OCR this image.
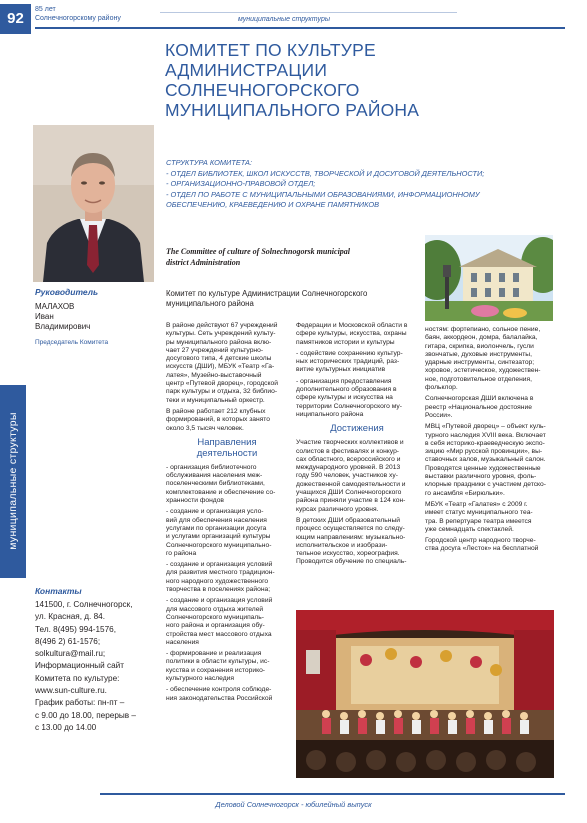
92
85 лет
Солнечногорскому району	муниципальные структуры
КОМИТЕТ ПО КУЛЬТУРЕ
АДМИНИСТРАЦИИ
СОЛНЕЧНОГОРСКОГО
МУНИЦИПАЛЬНОГО РАЙОНА
СТРУКТУРА КОМИТЕТА:
- ОТДЕЛ БИБЛИОТЕК, ШКОЛ ИСКУССТВ, ТВОРЧЕСКОЙ И ДОСУГОВОЙ ДЕЯТЕЛЬНОСТИ;
- ОРГАНИЗАЦИОННО-ПРАВОВОЙ ОТДЕЛ;
- ОТДЕЛ ПО РАБОТЕ С МУНИЦИПАЛЬНЫМИ ОБРАЗОВАНИЯМИ, ИНФОРМАЦИОННОМУ
ОБЕСПЕЧЕНИЮ, КРАЕВЕДЕНИЮ И ОХРАНЕ ПАМЯТНИКОВ
The Committee of culture of Solnechnogorsk municipal
district Administration
Комитет по культуре Администрации Солнечногорского
муниципального района
Руководитель
МАЛАХОВ
Иван
Владимирович
Председатель Комитета
муниципальные структуры
Контакты
141500, г. Солнечногорск,
ул. Красная, д. 84.
Тел. 8(495) 994-1576,
8(496 2) 61-1576;
solkultura@mail.ru;
Информационный сайт
Комитета по культуре:
www.sun-culture.ru.
График работы: пн-пт –
с 9.00 до 18.00, перерыв –
с 13.00 до 14.00

В районе действуют 67 учреждений
культуры. Сеть учреждений культу-
ры муниципального района вклю-
чает 27 учреждений культурно-
досугового типа, 4 детские школы
искусств (ДШИ), МБУК «Театр «Га-
латея», Музейно-выставочный
центр «Путевой дворец», городской
парк культуры и отдыха, 32 библио-
теки и муниципальный оркестр.

В районе работает 212 клубных
формирований, в которых занято
около 3,5 тысяч человек.

Направления
деятельности

- организация библиотечного
обслуживания населения меж-
поселенческими библиотеками,
комплектование и обеспечение со-
хранности фондов

- создание и организация усло-
вий для обеспечения населения
услугами по организации досуга
и услугами организаций культуры
Солнечногорского муниципально-
го района

- создание и организация условий
для развития местного традицион-
ного народного художественного
творчества в поселениях района;

- создание и организация условий
для массового отдыха жителей
Солнечногорского муниципаль-
ного района и организация обу-
стройства мест массового отдыха
населения

- формирование и реализация
политики в области культуры, ис-
кусства и сохранения историко-
культурного наследия

- обеспечение контроля соблюде-
ния законодательства Российской

Федерации и Московской области в
сфере культуры, искусства, охраны
памятников истории и культуры

- содействие сохранению культур-
ных исторических традиций, раз-
витие культурных инициатив

- организация предоставления
дополнительного образования в
сфере культуры и искусства на
территории Солнечногорского му-
ниципального района

Достижения

Участие творческих коллективов и
солистов в фестивалях и конкур-
сах областного, всероссийского и
международного уровней. В 2013
году 590 человек, участников ху-
дожественной самодеятельности и
учащихся ДШИ Солнечногорского
района приняли участие в 124 кон-
курсах различного уровня.

В детских ДШИ образовательный
процесс осуществляется по следу-
ющим направлениям: музыкально-
исполнительское и изобрази-
тельное искусство, хореография.
Проводится обучение по специаль-

ностям: фортепиано, сольное пение,
баян, аккордеон, домра, балалайка,
гитара, скрипка, виолончель, гусли
звончатые, духовые инструменты,
ударные инструменты, синтезатор;
хоровое, эстетическое, художествен-
ное, подготовительное отделения,
фольклор.

Солнечногорская ДШИ включена в
реестр «Национальное достояние
России».

МВЦ «Путевой дворец» – объект куль-
турного наследия XVIII века. Включает
в себя историко-краеведческую экспо-
зицию «Мир русской провинции», вы-
ставочных залов, музыкальный салон.
Проводятся ценные художественные
выставки различного уровня, фоль-
клорные праздники с участием детско-
го ансамбля «Бирюльки».

МБУК «Театр «Галатея» с 2009 г.
имеет статус муниципального теа-
тра. В репертуаре театра имеется
уже семнадцать спектаклей.

Городской центр народного творче-
ства досуга «Лесток» на бесплатной

Деловой Солнечногорск - юбилейный выпуск
